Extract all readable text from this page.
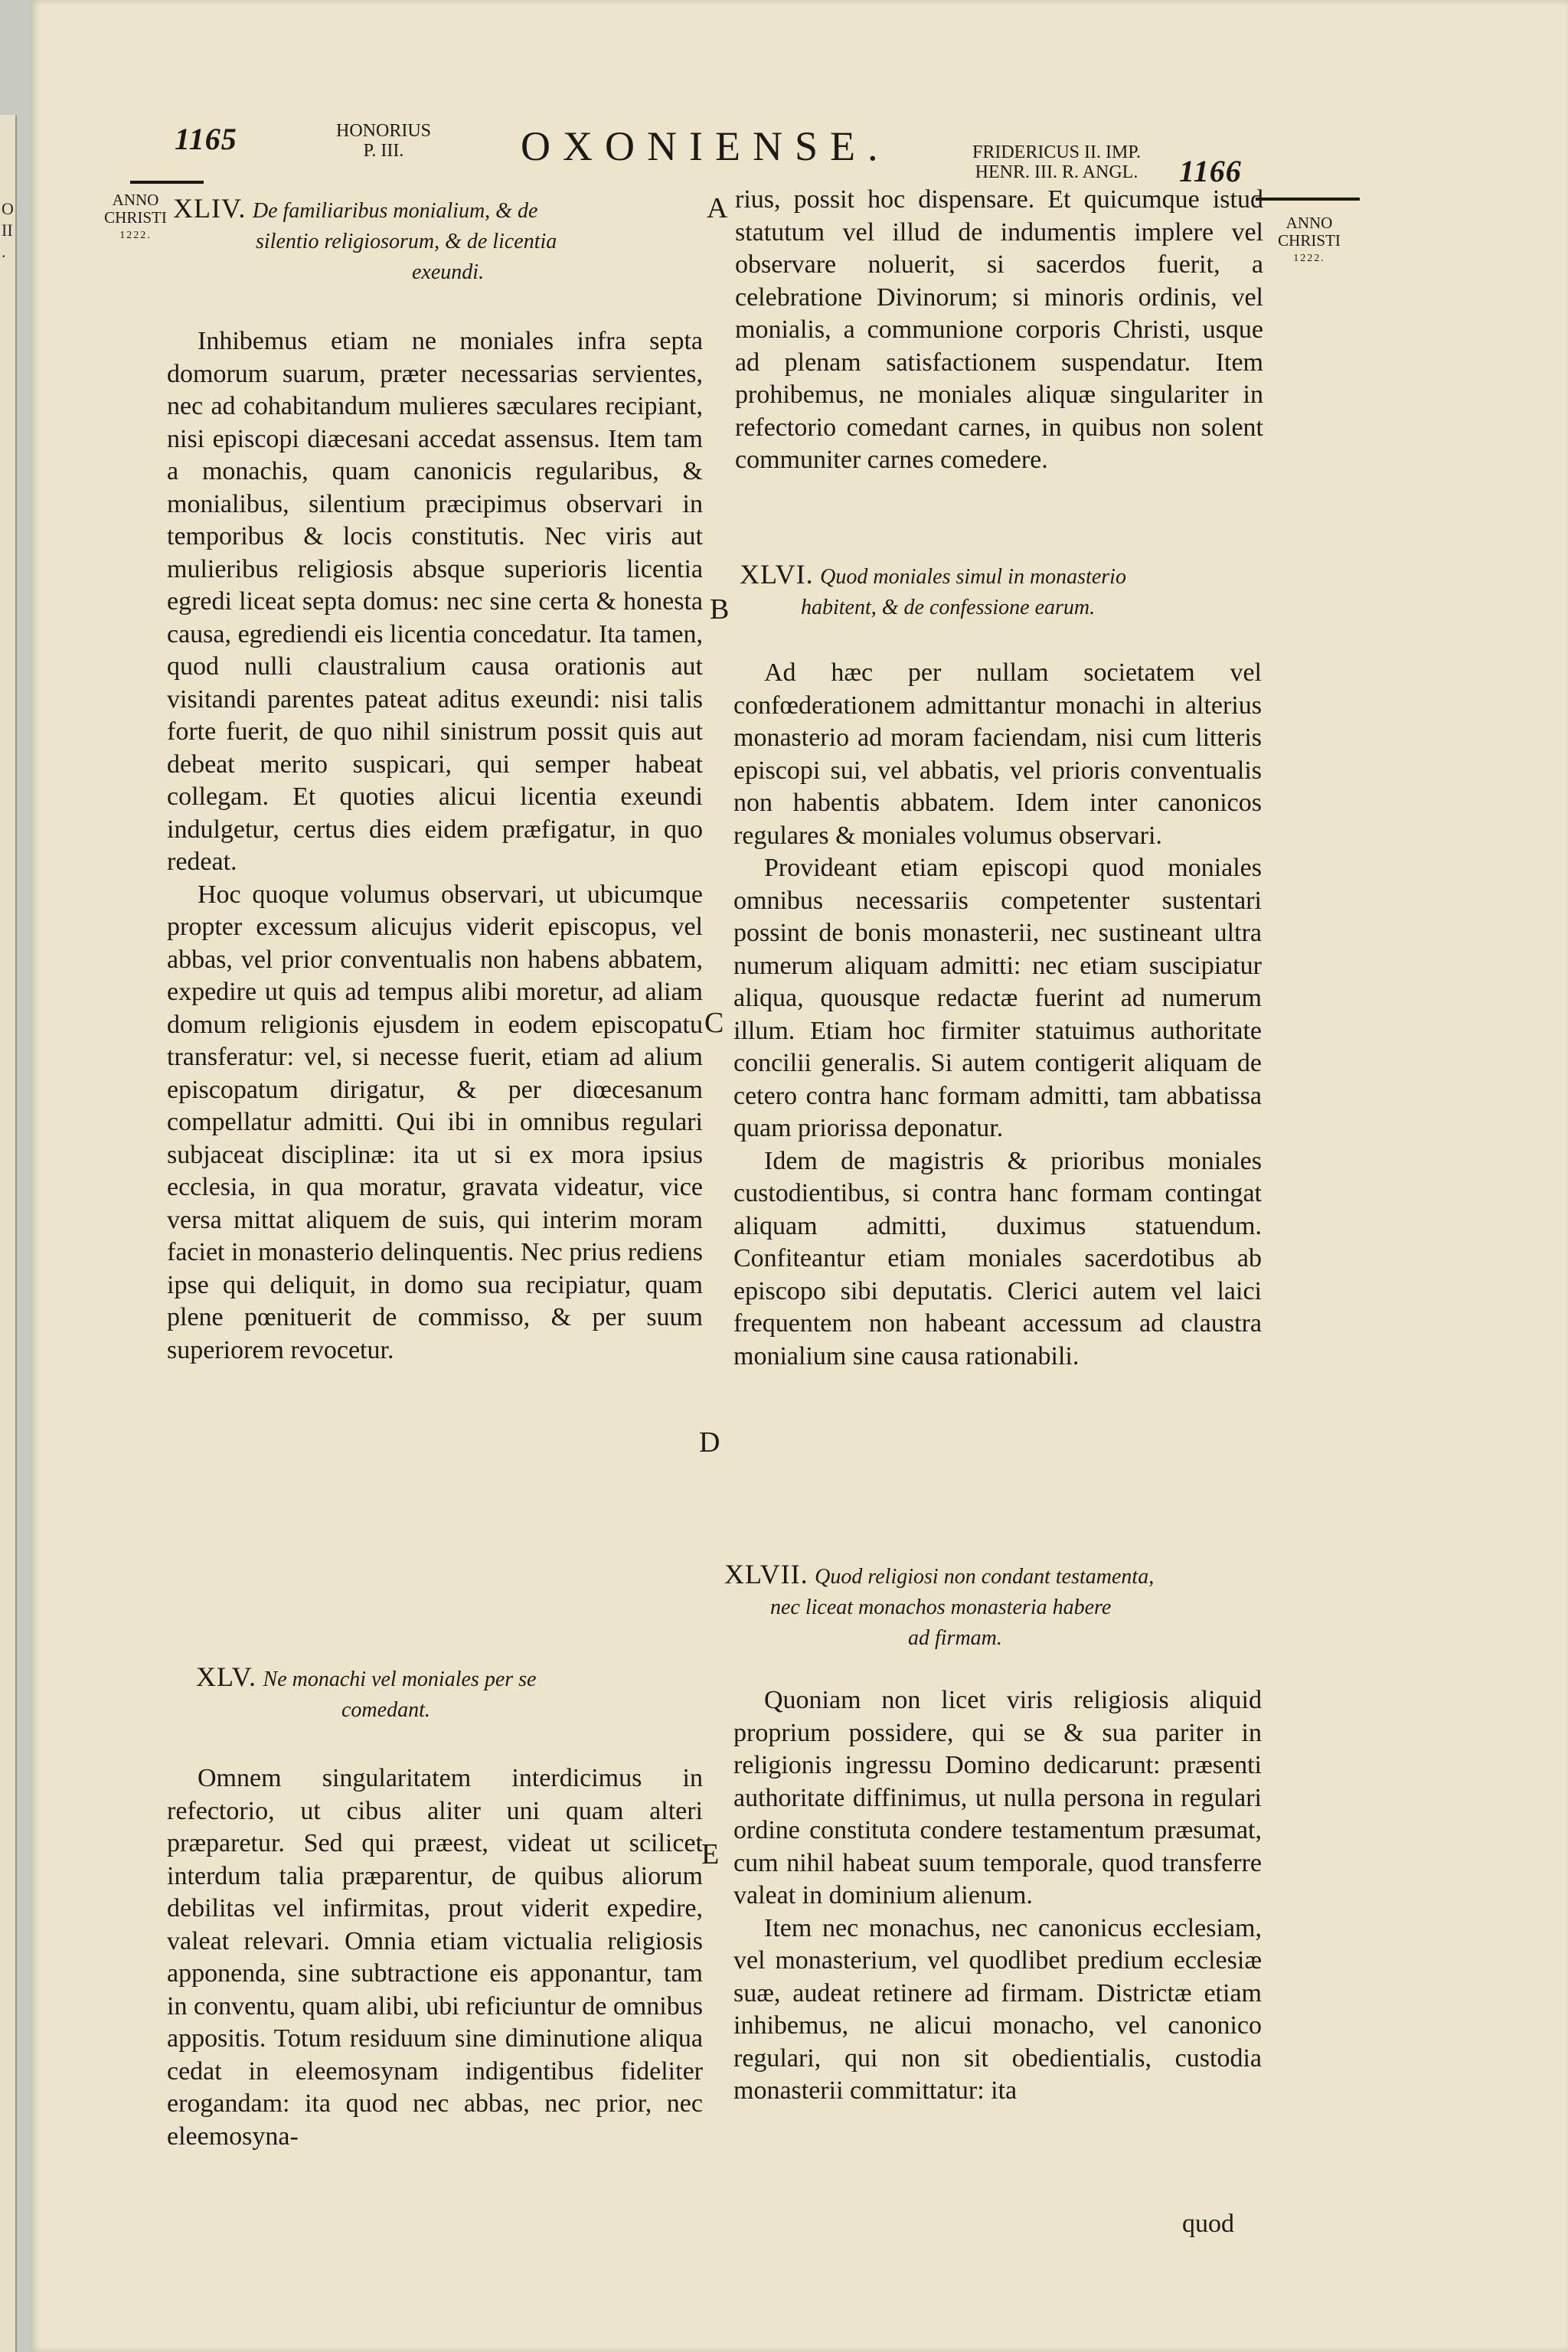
O
II
.
1165	HONORIUS
P. III.	OXONIENSE.	FRIDERICUS II. IMP.
HENR. III. R. ANGL.	1166
ANNO
CHRISTI
1222.
ANNO
CHRISTI
1222.
A
B
C
D
E
XLIV. De familiaribus monialium, & de
silentio religiosorum, & de licentia
exeundi.

Inhibemus etiam ne moniales infra septa domorum suarum, præter necessarias servientes, nec ad cohabitandum mulieres sæculares recipiant, nisi episcopi diæcesani accedat assensus. Item tam a monachis, quam canonicis regularibus, & monialibus, silentium præcipimus observari in temporibus & locis constitutis. Nec viris aut mulieribus religiosis absque superioris licentia egredi liceat septa domus: nec sine certa & honesta causa, egrediendi eis licentia concedatur. Ita tamen, quod nulli claustralium causa orationis aut visitandi parentes pateat aditus exeundi: nisi talis forte fuerit, de quo nihil sinistrum possit quis aut debeat merito suspicari, qui semper habeat collegam. Et quoties alicui licentia exeundi indulgetur, certus dies eidem præfigatur, in quo redeat.

Hoc quoque volumus observari, ut ubicumque propter excessum alicujus viderit episcopus, vel abbas, vel prior conventualis non habens abbatem, expedire ut quis ad tempus alibi moretur, ad aliam domum religionis ejusdem in eodem episcopatu transferatur: vel, si necesse fuerit, etiam ad alium episcopatum dirigatur, & per diœcesanum compellatur admitti. Qui ibi in omnibus regulari subjaceat disciplinæ: ita ut si ex mora ipsius ecclesia, in qua moratur, gravata videatur, vice versa mittat aliquem de suis, qui interim moram faciet in monasterio delinquentis. Nec prius rediens ipse qui deliquit, in domo sua recipiatur, quam plene pœnituerit de commisso, & per suum superiorem revocetur.

XLV. Ne monachi vel moniales per se
comedant.

Omnem singularitatem interdicimus in refectorio, ut cibus aliter uni quam alteri præparetur. Sed qui præest, videat ut scilicet interdum talia præparentur, de quibus aliorum debilitas vel infirmitas, prout viderit expedire, valeat relevari. Omnia etiam victualia religiosis apponenda, sine subtractione eis apponantur, tam in conventu, quam alibi, ubi reficiuntur de omnibus appositis. Totum residuum sine diminutione aliqua cedat in eleemosynam indigentibus fideliter erogandam: ita quod nec abbas, nec prior, nec eleemosyna-

rius, possit hoc dispensare. Et quicumque istud statutum vel illud de indumentis implere vel observare noluerit, si sacerdos fuerit, a celebratione Divinorum; si minoris ordinis, vel monialis, a communione corporis Christi, usque ad plenam satisfactionem suspendatur. Item prohibemus, ne moniales aliquæ singulariter in refectorio comedant carnes, in quibus non solent communiter carnes comedere.

XLVI. Quod moniales simul in monasterio
habitent, & de confessione earum.

Ad hæc per nullam societatem vel confœderationem admittantur monachi in alterius monasterio ad moram faciendam, nisi cum litteris episcopi sui, vel abbatis, vel prioris conventualis non habentis abbatem. Idem inter canonicos regulares & moniales volumus observari.

Provideant etiam episcopi quod moniales omnibus necessariis competenter sustentari possint de bonis monasterii, nec sustineant ultra numerum aliquam admitti: nec etiam suscipiatur aliqua, quousque redactæ fuerint ad numerum illum. Etiam hoc firmiter statuimus authoritate concilii generalis. Si autem contigerit aliquam de cetero contra hanc formam admitti, tam abbatissa quam priorissa deponatur.

Idem de magistris & prioribus moniales custodientibus, si contra hanc formam contingat aliquam admitti, duximus statuendum. Confiteantur etiam moniales sacerdotibus ab episcopo sibi deputatis. Clerici autem vel laici frequentem non habeant accessum ad claustra monialium sine causa rationabili.

XLVII. Quod religiosi non condant testamenta,
nec liceat monachos monasteria habere
ad firmam.

Quoniam non licet viris religiosis aliquid proprium possidere, qui se & sua pariter in religionis ingressu Domino dedicarunt: præsenti authoritate diffinimus, ut nulla persona in regulari ordine constituta condere testamentum præsumat, cum nihil habeat suum temporale, quod transferre valeat in dominium alienum.

Item nec monachus, nec canonicus ecclesiam, vel monasterium, vel quodlibet predium ecclesiæ suæ, audeat retinere ad firmam. Districtæ etiam inhibemus, ne alicui monacho, vel canonico regulari, qui non sit obedientialis, custodia monasterii committatur: ita

quod
